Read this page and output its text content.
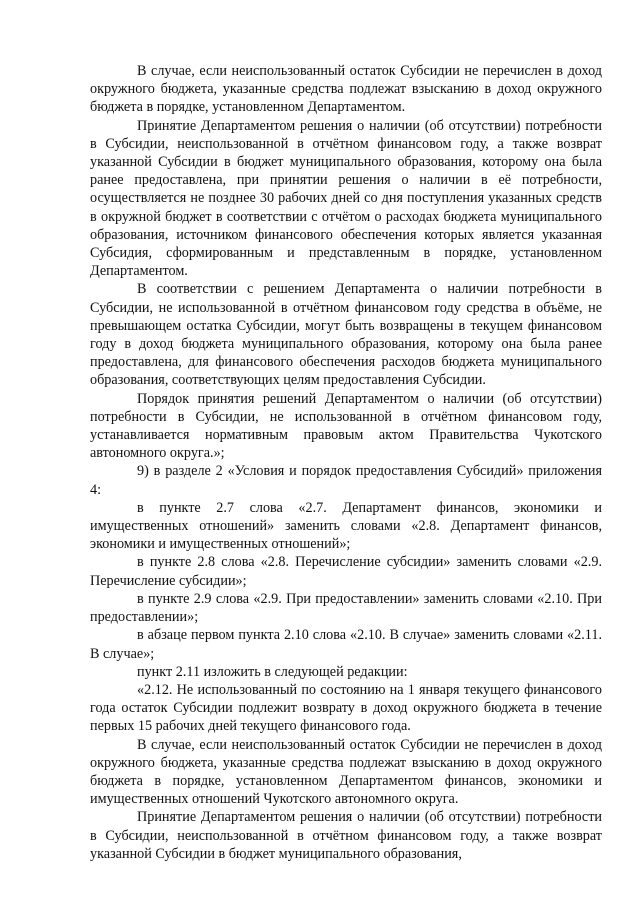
В случае, если неиспользованный остаток Субсидии не перечислен в доход окружного бюджета, указанные средства подлежат взысканию в доход окружного бюджета в порядке, установленном Департаментом.

Принятие Департаментом решения о наличии (об отсутствии) потребности в Субсидии, неиспользованной в отчётном финансовом году, а также возврат указанной Субсидии в бюджет муниципального образования, которому она была ранее предоставлена, при принятии решения о наличии в её потребности, осуществляется не позднее 30 рабочих дней со дня поступления указанных средств в окружной бюджет в соответствии с отчётом о расходах бюджета муниципального образования, источником финансового обеспечения которых является указанная Субсидия, сформированным и представленным в порядке, установленном Департаментом.

В соответствии с решением Департамента о наличии потребности в Субсидии, не использованной в отчётном финансовом году средства в объёме, не превышающем остатка Субсидии, могут быть возвращены в текущем финансовом году в доход бюджета муниципального образования, которому она была ранее предоставлена, для финансового обеспечения расходов бюджета муниципального образования, соответствующих целям предоставления Субсидии.

Порядок принятия решений Департаментом о наличии (об отсутствии) потребности в Субсидии, не использованной в отчётном финансовом году, устанавливается нормативным правовым актом Правительства Чукотского автономного округа.»;

9) в разделе 2 «Условия и порядок предоставления Субсидий» приложения 4:

в пункте 2.7 слова «2.7. Департамент финансов, экономики и имущественных отношений» заменить словами «2.8. Департамент финансов, экономики и имущественных отношений»;

в пункте 2.8 слова «2.8. Перечисление субсидии» заменить словами «2.9. Перечисление субсидии»;

в пункте 2.9 слова «2.9. При предоставлении» заменить словами «2.10. При предоставлении»;

в абзаце первом пункта 2.10 слова «2.10. В случае» заменить словами «2.11. В случае»;

пункт 2.11 изложить в следующей редакции:

«2.12. Не использованный по состоянию на 1 января текущего финансового года остаток Субсидии подлежит возврату в доход окружного бюджета в течение первых 15 рабочих дней текущего финансового года.

В случае, если неиспользованный остаток Субсидии не перечислен в доход окружного бюджета, указанные средства подлежат взысканию в доход окружного бюджета в порядке, установленном Департаментом финансов, экономики и имущественных отношений Чукотского автономного округа.

Принятие Департаментом решения о наличии (об отсутствии) потребности в Субсидии, неиспользованной в отчётном финансовом году, а также возврат указанной Субсидии в бюджет муниципального образования,
